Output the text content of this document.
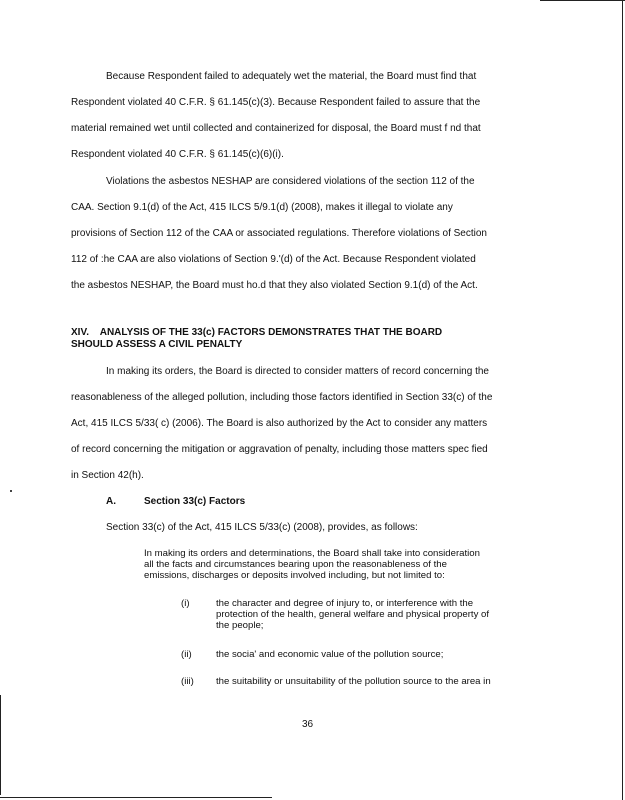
Because Respondent failed to adequately wet the material, the Board must find that
Respondent violated 40 C.F.R. § 61.145(c)(3). Because Respondent failed to assure that the
material remained wet until collected and containerized for disposal, the Board must f nd that
Respondent violated 40 C.F.R. § 61.145(c)(6)(i).
Violations the asbestos NESHAP are considered violations of the section 112 of the
CAA. Section 9.1(d) of the Act, 415 ILCS 5/9.1(d) (2008), makes it illegal to violate any
provisions of Section 112 of the CAA or associated regulations. Therefore violations of Section
112 of :he CAA are also violations of Section 9.'(d) of the Act. Because Respondent violated
the asbestos NESHAP, the Board must ho.d that they also violated Section 9.1(d) of the Act.
XIV.    ANALYSIS OF THE 33(c) FACTORS DEMONSTRATES THAT THE BOARD
SHOULD ASSESS A CIVIL PENALTY
In making its orders, the Board is directed to consider matters of record concerning the
reasonableness of the alleged pollution, including those factors identified in Section 33(c) of the
Act, 415 ILCS 5/33( c) (2006). The Board is also authorized by the Act to consider any matters
of record concerning the mitigation or aggravation of penalty, including those matters spec fied
in Section 42(h).
A.	Section 33(c) Factors
Section 33(c) of the Act, 415 ILCS 5/33(c) (2008), provides, as follows:
In making its orders and determinations, the Board shall take into consideration
all the facts and circumstances bearing upon the reasonableness of the
emissions, discharges or deposits involved including, but not limited to:
(i)	the character and degree of injury to, or interference with the
protection of the health, general welfare and physical property of
the people;
(ii)	the socia' and economic value of the pollution source;
(iii) the suitability or unsuitability of the pollution source to the area in
36
